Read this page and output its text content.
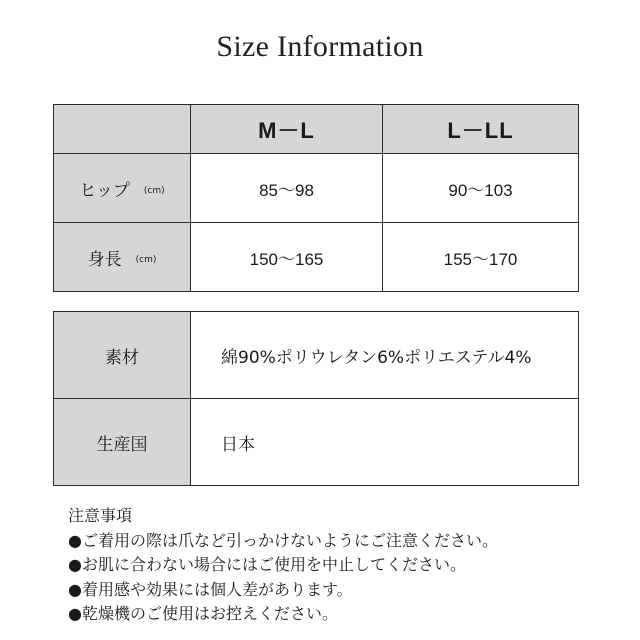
Size Information
	M－L	L－LL
ヒップ (cm)	85〜98	90〜103
身長 (cm)	150〜165	155〜170
素材	綿90%ポリウレタン6%ポリエステル4%
生産国	日本
注意事項
●ご着用の際は爪など引っかけないようにご注意ください。
●お肌に合わない場合にはご使用を中止してください。
●着用感や効果には個人差があります。
●乾燥機のご使用はお控えください。
